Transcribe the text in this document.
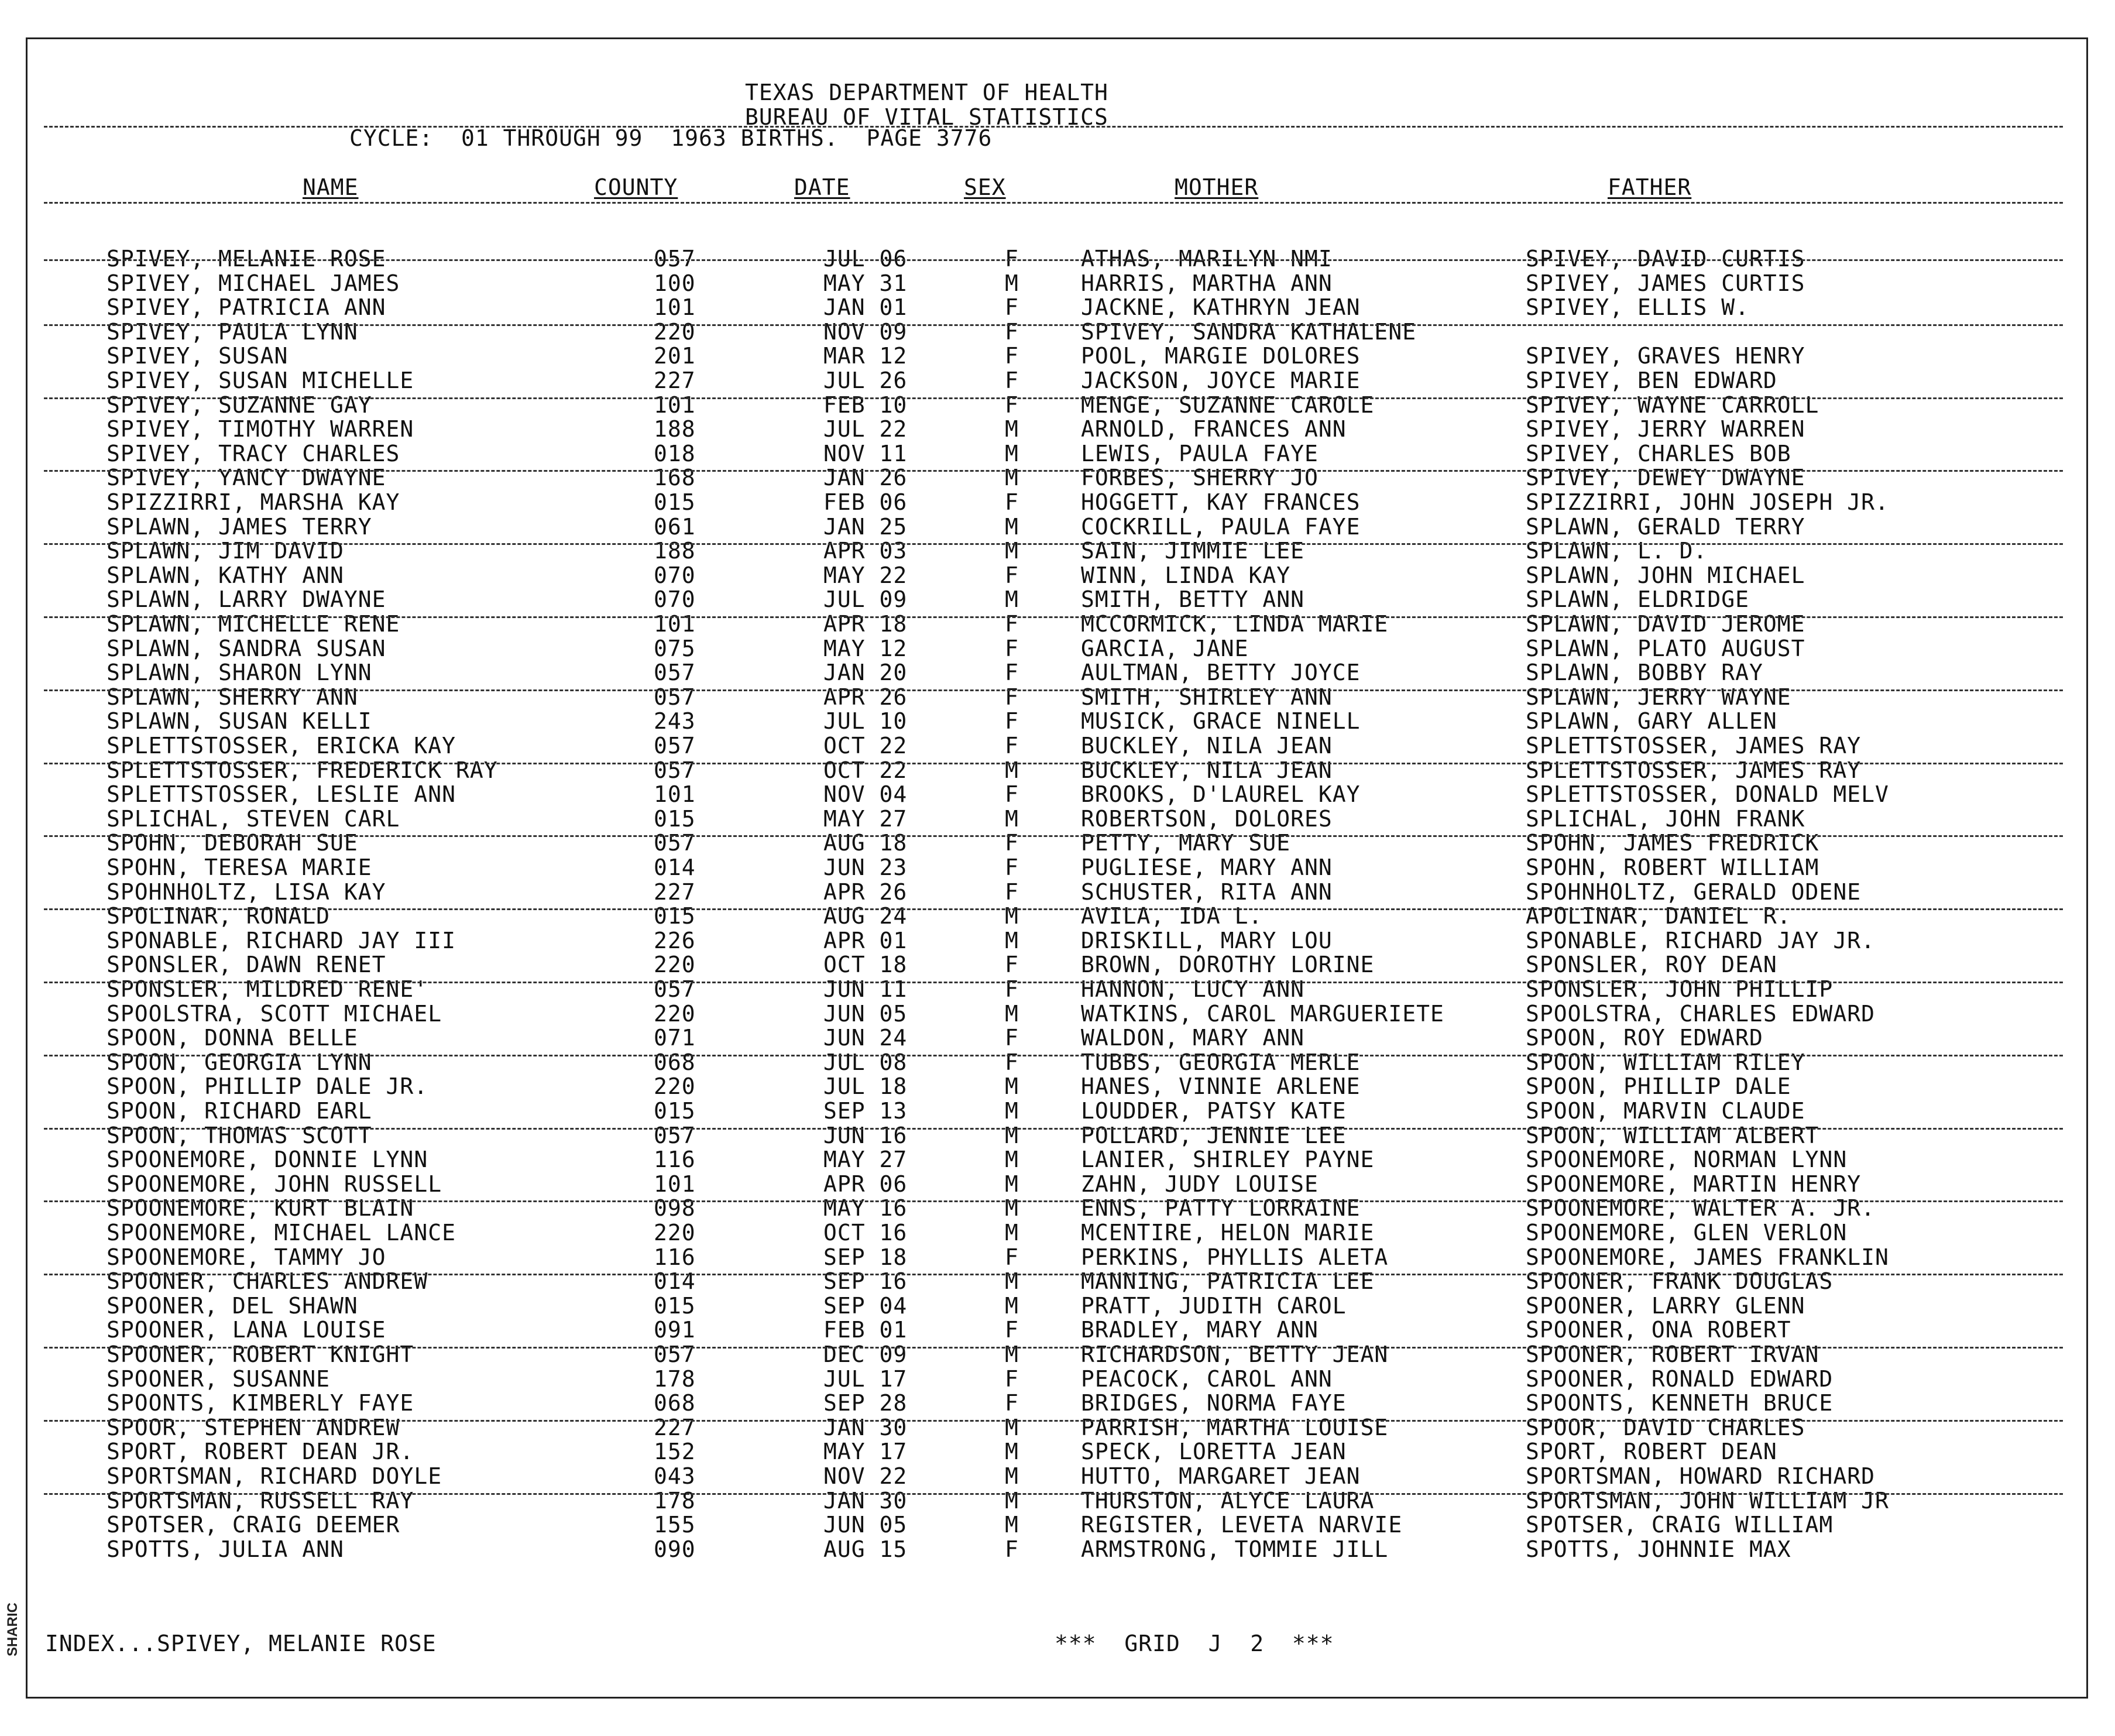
TEXAS DEPARTMENT OF HEALTH
BUREAU OF VITAL STATISTICS
CYCLE:  01 THROUGH 99  1963 BIRTHS.  PAGE 3776
NAME	COUNTY	DATE	SEX	MOTHER	FATHER
SPIVEY, MELANIE ROSE	057	JUL 06	F	ATHAS, MARILYN NMI	SPIVEY, DAVID CURTIS
SPIVEY, MICHAEL JAMES	100	MAY 31	M	HARRIS, MARTHA ANN	SPIVEY, JAMES CURTIS
SPIVEY, PATRICIA ANN	101	JAN 01	F	JACKNE, KATHRYN JEAN	SPIVEY, ELLIS W.
SPIVEY, PAULA LYNN	220	NOV 09	F	SPIVEY, SANDRA KATHALENE
SPIVEY, SUSAN	201	MAR 12	F	POOL, MARGIE DOLORES	SPIVEY, GRAVES HENRY
SPIVEY, SUSAN MICHELLE	227	JUL 26	F	JACKSON, JOYCE MARIE	SPIVEY, BEN EDWARD
SPIVEY, SUZANNE GAY	101	FEB 10	F	MENGE, SUZANNE CAROLE	SPIVEY, WAYNE CARROLL
SPIVEY, TIMOTHY WARREN	188	JUL 22	M	ARNOLD, FRANCES ANN	SPIVEY, JERRY WARREN
SPIVEY, TRACY CHARLES	018	NOV 11	M	LEWIS, PAULA FAYE	SPIVEY, CHARLES BOB
SPIVEY, YANCY DWAYNE	168	JAN 26	M	FORBES, SHERRY JO	SPIVEY, DEWEY DWAYNE
SPIZZIRRI, MARSHA KAY	015	FEB 06	F	HOGGETT, KAY FRANCES	SPIZZIRRI, JOHN JOSEPH JR.
SPLAWN, JAMES TERRY	061	JAN 25	M	COCKRILL, PAULA FAYE	SPLAWN, GERALD TERRY
SPLAWN, JIM DAVID	188	APR 03	M	SAIN, JIMMIE LEE	SPLAWN, L. D.
SPLAWN, KATHY ANN	070	MAY 22	F	WINN, LINDA KAY	SPLAWN, JOHN MICHAEL
SPLAWN, LARRY DWAYNE	070	JUL 09	M	SMITH, BETTY ANN	SPLAWN, ELDRIDGE
SPLAWN, MICHELLE RENE	101	APR 18	F	MCCORMICK, LINDA MARIE	SPLAWN, DAVID JEROME
SPLAWN, SANDRA SUSAN	075	MAY 12	F	GARCIA, JANE	SPLAWN, PLATO AUGUST
SPLAWN, SHARON LYNN	057	JAN 20	F	AULTMAN, BETTY JOYCE	SPLAWN, BOBBY RAY
SPLAWN, SHERRY ANN	057	APR 26	F	SMITH, SHIRLEY ANN	SPLAWN, JERRY WAYNE
SPLAWN, SUSAN KELLI	243	JUL 10	F	MUSICK, GRACE NINELL	SPLAWN, GARY ALLEN
SPLETTSTOSSER, ERICKA KAY	057	OCT 22	F	BUCKLEY, NILA JEAN	SPLETTSTOSSER, JAMES RAY
SPLETTSTOSSER, FREDERICK RAY	057	OCT 22	M	BUCKLEY, NILA JEAN	SPLETTSTOSSER, JAMES RAY
SPLETTSTOSSER, LESLIE ANN	101	NOV 04	F	BROOKS, D'LAUREL KAY	SPLETTSTOSSER, DONALD MELV
SPLICHAL, STEVEN CARL	015	MAY 27	M	ROBERTSON, DOLORES	SPLICHAL, JOHN FRANK
SPOHN, DEBORAH SUE	057	AUG 18	F	PETTY, MARY SUE	SPOHN, JAMES FREDRICK
SPOHN, TERESA MARIE	014	JUN 23	F	PUGLIESE, MARY ANN	SPOHN, ROBERT WILLIAM
SPOHNHOLTZ, LISA KAY	227	APR 26	F	SCHUSTER, RITA ANN	SPOHNHOLTZ, GERALD ODENE
SPOLINAR, RONALD	015	AUG 24	M	AVILA, IDA L.	APOLINAR, DANIEL R.
SPONABLE, RICHARD JAY III	226	APR 01	M	DRISKILL, MARY LOU	SPONABLE, RICHARD JAY JR.
SPONSLER, DAWN RENET	220	OCT 18	F	BROWN, DOROTHY LORINE	SPONSLER, ROY DEAN
SPONSLER, MILDRED RENE'	057	JUN 11	F	HANNON, LUCY ANN	SPONSLER, JOHN PHILLIP
SPOOLSTRA, SCOTT MICHAEL	220	JUN 05	M	WATKINS, CAROL MARGUERIETE	SPOOLSTRA, CHARLES EDWARD
SPOON, DONNA BELLE	071	JUN 24	F	WALDON, MARY ANN	SPOON, ROY EDWARD
SPOON, GEORGIA LYNN	068	JUL 08	F	TUBBS, GEORGIA MERLE	SPOON, WILLIAM RILEY
SPOON, PHILLIP DALE JR.	220	JUL 18	M	HANES, VINNIE ARLENE	SPOON, PHILLIP DALE
SPOON, RICHARD EARL	015	SEP 13	M	LOUDDER, PATSY KATE	SPOON, MARVIN CLAUDE
SPOON, THOMAS SCOTT	057	JUN 16	M	POLLARD, JENNIE LEE	SPOON, WILLIAM ALBERT
SPOONEMORE, DONNIE LYNN	116	MAY 27	M	LANIER, SHIRLEY PAYNE	SPOONEMORE, NORMAN LYNN
SPOONEMORE, JOHN RUSSELL	101	APR 06	M	ZAHN, JUDY LOUISE	SPOONEMORE, MARTIN HENRY
SPOONEMORE, KURT BLAIN	098	MAY 16	M	ENNS, PATTY LORRAINE	SPOONEMORE, WALTER A. JR.
SPOONEMORE, MICHAEL LANCE	220	OCT 16	M	MCENTIRE, HELON MARIE	SPOONEMORE, GLEN VERLON
SPOONEMORE, TAMMY JO	116	SEP 18	F	PERKINS, PHYLLIS ALETA	SPOONEMORE, JAMES FRANKLIN
SPOONER, CHARLES ANDREW	014	SEP 16	M	MANNING, PATRICIA LEE	SPOONER, FRANK DOUGLAS
SPOONER, DEL SHAWN	015	SEP 04	M	PRATT, JUDITH CAROL	SPOONER, LARRY GLENN
SPOONER, LANA LOUISE	091	FEB 01	F	BRADLEY, MARY ANN	SPOONER, ONA ROBERT
SPOONER, ROBERT KNIGHT	057	DEC 09	M	RICHARDSON, BETTY JEAN	SPOONER, ROBERT IRVAN
SPOONER, SUSANNE	178	JUL 17	F	PEACOCK, CAROL ANN	SPOONER, RONALD EDWARD
SPOONTS, KIMBERLY FAYE	068	SEP 28	F	BRIDGES, NORMA FAYE	SPOONTS, KENNETH BRUCE
SPOOR, STEPHEN ANDREW	227	JAN 30	M	PARRISH, MARTHA LOUISE	SPOOR, DAVID CHARLES
SPORT, ROBERT DEAN JR.	152	MAY 17	M	SPECK, LORETTA JEAN	SPORT, ROBERT DEAN
SPORTSMAN, RICHARD DOYLE	043	NOV 22	M	HUTTO, MARGARET JEAN	SPORTSMAN, HOWARD RICHARD
SPORTSMAN, RUSSELL RAY	178	JAN 30	M	THURSTON, ALYCE LAURA	SPORTSMAN, JOHN WILLIAM JR
SPOTSER, CRAIG DEEMER	155	JUN 05	M	REGISTER, LEVETA NARVIE	SPOTSER, CRAIG WILLIAM
SPOTTS, JULIA ANN	090	AUG 15	F	ARMSTRONG, TOMMIE JILL	SPOTTS, JOHNNIE MAX
INDEX...SPIVEY, MELANIE ROSE	***  GRID  J  2  ***
SHARIC
